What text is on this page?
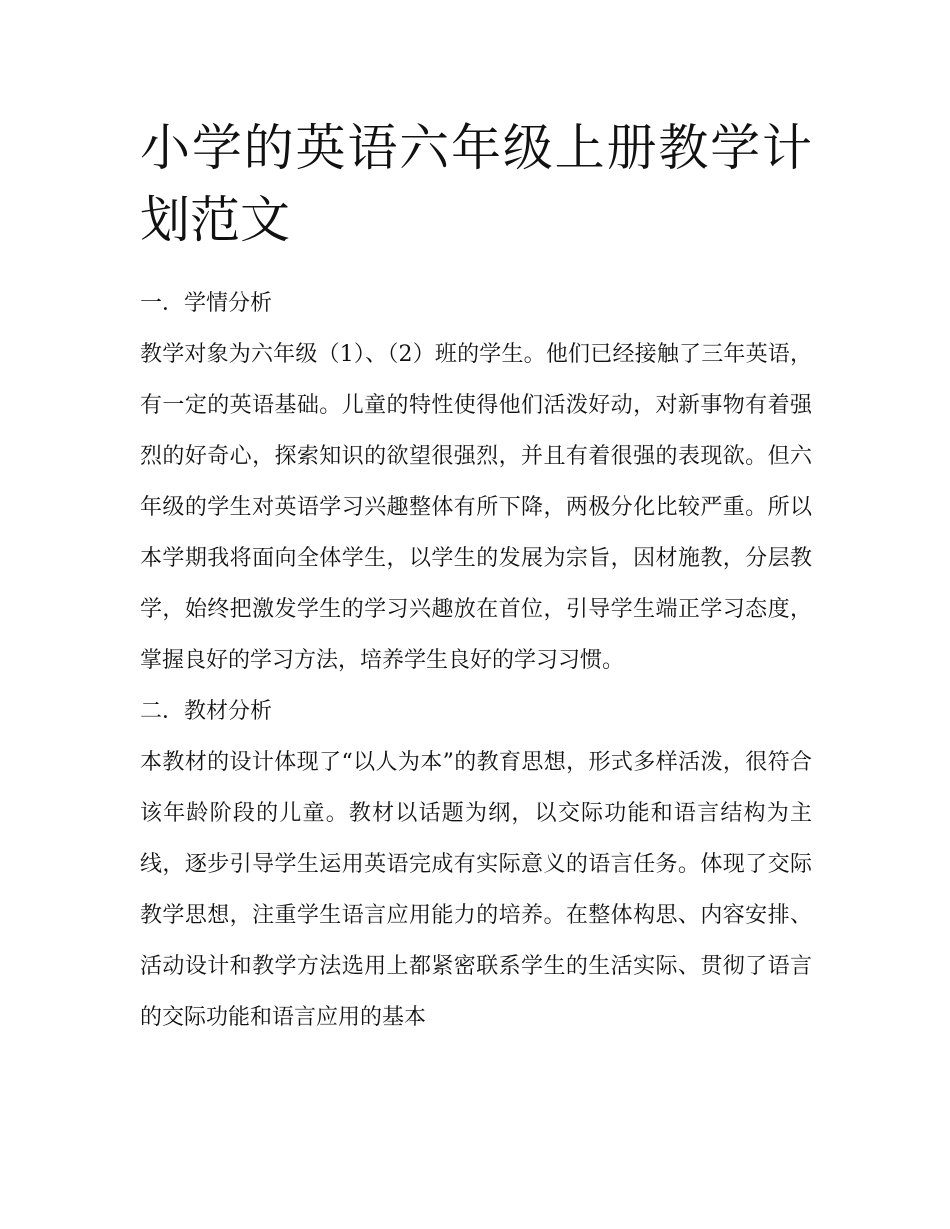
小学的英语六年级上册教学计划范文

一．学情分析

教学对象为六年级（1）、（2）班的学生。他们已经接触了三年英语，有一定的英语基础。儿童的特性使得他们活泼好动，对新事物有着强烈的好奇心，探索知识的欲望很强烈，并且有着很强的表现欲。但六年级的学生对英语学习兴趣整体有所下降，两极分化比较严重。所以本学期我将面向全体学生，以学生的发展为宗旨，因材施教，分层教学，始终把激发学生的学习兴趣放在首位，引导学生端正学习态度，掌握良好的学习方法，培养学生良好的学习习惯。

二．教材分析

本教材的设计体现了“以人为本”的教育思想，形式多样活泼，很符合该年龄阶段的儿童。教材以话题为纲，以交际功能和语言结构为主线，逐步引导学生运用英语完成有实际意义的语言任务。体现了交际教学思想，注重学生语言应用能力的培养。在整体构思、内容安排、活动设计和教学方法选用上都紧密联系学生的生活实际、贯彻了语言的交际功能和语言应用的基本
